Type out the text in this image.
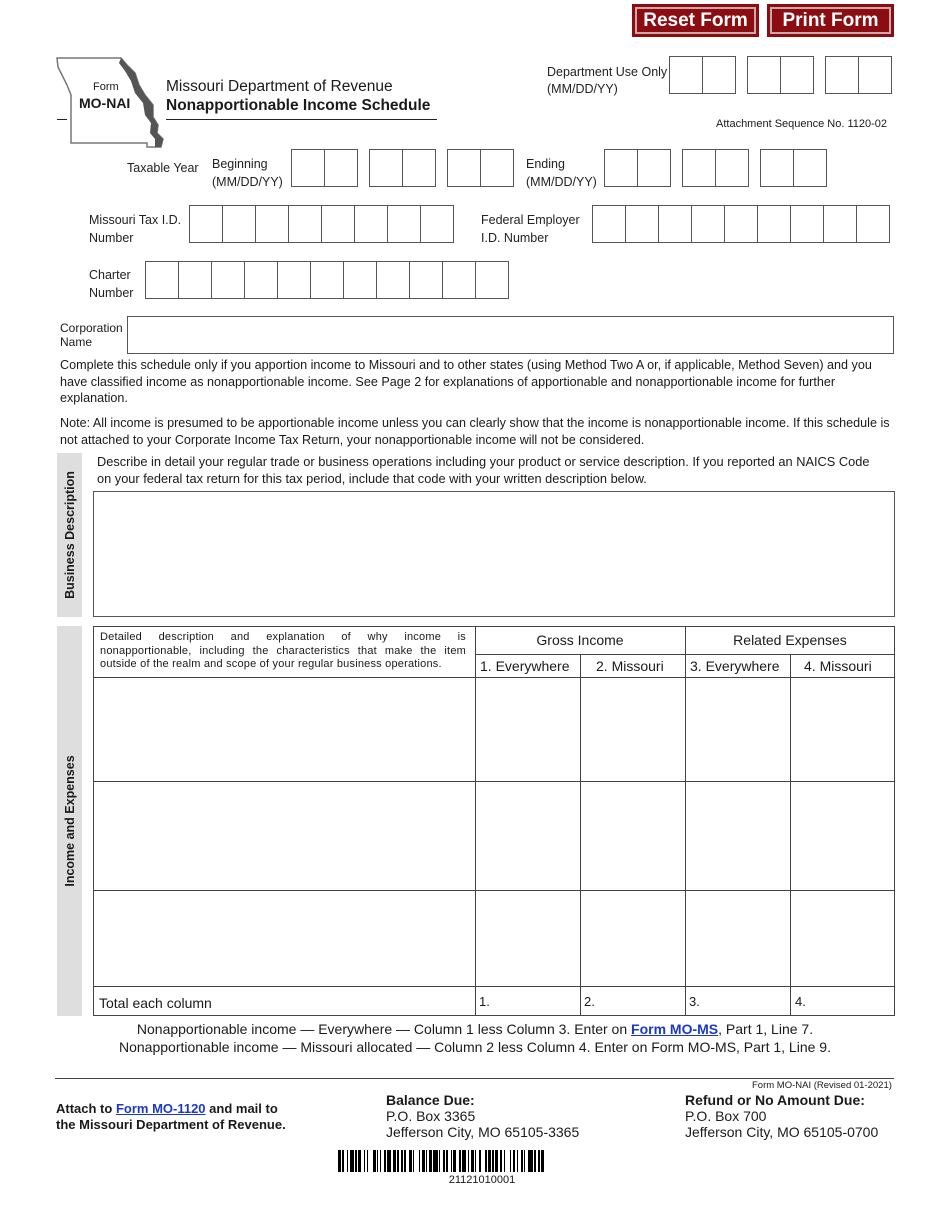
Reset Form	Print Form
Form
MO-NAI
Missouri Department of Revenue
Nonapportionable Income Schedule
Department Use Only
(MM/DD/YY)
Attachment Sequence No. 1120-02
Taxable Year Beginning
(MM/DD/YY)
Ending
(MM/DD/YY)
Missouri Tax I.D.
Number
Federal Employer
I.D. Number
Charter
Number
Corporation
Name
Complete this schedule only if you apportion income to Missouri and to other states (using Method Two A or, if applicable, Method Seven) and you have classified income as nonapportionable income. See Page 2 for explanations of apportionable and nonapportionable income for further explanation.
Note: All income is presumed to be apportionable income unless you can clearly show that the income is nonapportionable income. If this schedule is not attached to your Corporate Income Tax Return, your nonapportionable income will not be considered.
Business Description
Describe in detail your regular trade or business operations including your product or service description. If you reported an NAICS Code on your federal tax return for this tax period, include that code with your written description below.
Income and Expenses
Detailed description and explanation of why income is nonapportionable, including the characteristics that make the item outside of the realm and scope of your regular business operations.
Gross Income	Related Expenses
1. Everywhere 2. Missouri 3. Everywhere 4. Missouri
Total each column	1.	2.	3.	4.
Nonapportionable income — Everywhere — Column 1 less Column 3. Enter on Form MO-MS, Part 1, Line 7.
Nonapportionable income — Missouri allocated — Column 2 less Column 4. Enter on Form MO-MS, Part 1, Line 9.
Form MO-NAI (Revised 01-2021)
Attach to Form MO-1120 and mail to
the Missouri Department of Revenue.
Balance Due:
P.O. Box 3365
Jefferson City, MO 65105-3365
Refund or No Amount Due:
P.O. Box 700
Jefferson City, MO 65105-0700
21121010001
